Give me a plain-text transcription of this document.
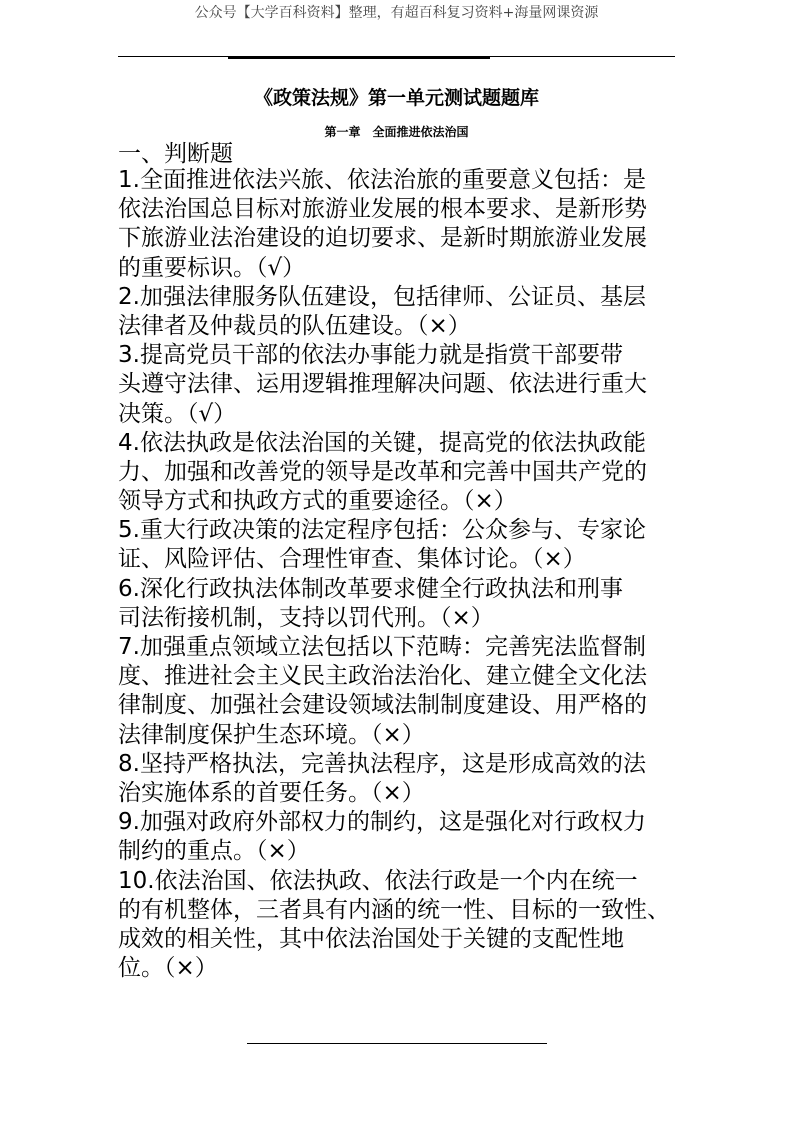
公众号【大学百科资料】整理，有超百科复习资料+海量网课资源
《政策法规》第一单元测试题题库
第一章　全面推进依法治国
一、判断题
1.全面推进依法兴旅、依法治旅的重要意义包括：是
依法治国总目标对旅游业发展的根本要求、是新形势
下旅游业法治建设的迫切要求、是新时期旅游业发展
的重要标识。（√）
2.加强法律服务队伍建设，包括律师、公证员、基层
法律者及仲裁员的队伍建设。（×）
3.提高党员干部的依法办事能力就是指赏干部要带
头遵守法律、运用逻辑推理解决问题、依法进行重大
决策。（√）
4.依法执政是依法治国的关键，提高党的依法执政能
力、加强和改善党的领导是改革和完善中国共产党的
领导方式和执政方式的重要途径。（×）
5.重大行政决策的法定程序包括：公众参与、专家论
证、风险评估、合理性审查、集体讨论。（×）
6.深化行政执法体制改革要求健全行政执法和刑事
司法衔接机制，支持以罚代刑。（×）
7.加强重点领域立法包括以下范畴：完善宪法监督制
度、推进社会主义民主政治法治化、建立健全文化法
律制度、加强社会建设领域法制制度建设、用严格的
法律制度保护生态环境。（×）
8.坚持严格执法，完善执法程序，这是形成高效的法
治实施体系的首要任务。（×）
9.加强对政府外部权力的制约，这是强化对行政权力
制约的重点。（×）
10.依法治国、依法执政、依法行政是一个内在统一
的有机整体，三者具有内涵的统一性、目标的一致性、
成效的相关性，其中依法治国处于关键的支配性地
位。（×）
